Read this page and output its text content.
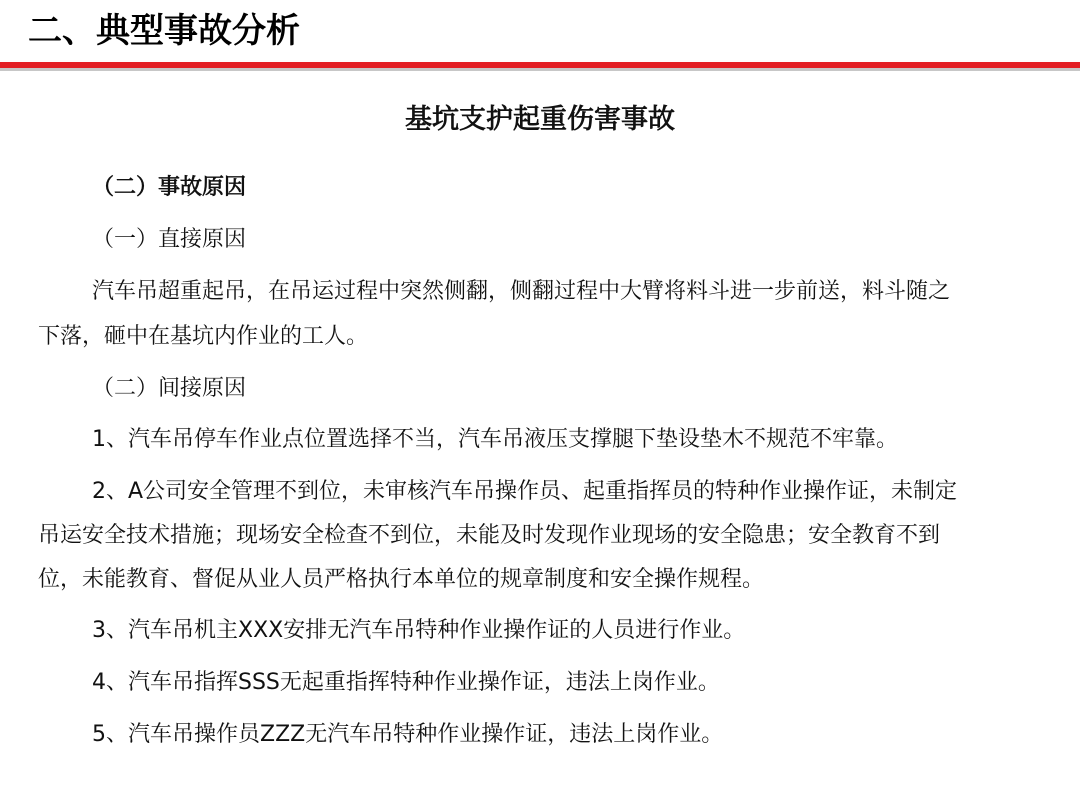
二、典型事故分析
基坑支护起重伤害事故
（二）事故原因
（一）直接原因
汽车吊超重起吊，在吊运过程中突然侧翻，侧翻过程中大臂将料斗进一步前送，料斗随之
下落，砸中在基坑内作业的工人。
（二）间接原因
1、汽车吊停车作业点位置选择不当，汽车吊液压支撑腿下垫设垫木不规范不牢靠。
2、A公司安全管理不到位，未审核汽车吊操作员、起重指挥员的特种作业操作证，未制定
吊运安全技术措施；现场安全检查不到位，未能及时发现作业现场的安全隐患；安全教育不到
位，未能教育、督促从业人员严格执行本单位的规章制度和安全操作规程。
3、汽车吊机主XXX安排无汽车吊特种作业操作证的人员进行作业。
4、汽车吊指挥SSS无起重指挥特种作业操作证，违法上岗作业。
5、汽车吊操作员ZZZ无汽车吊特种作业操作证，违法上岗作业。
